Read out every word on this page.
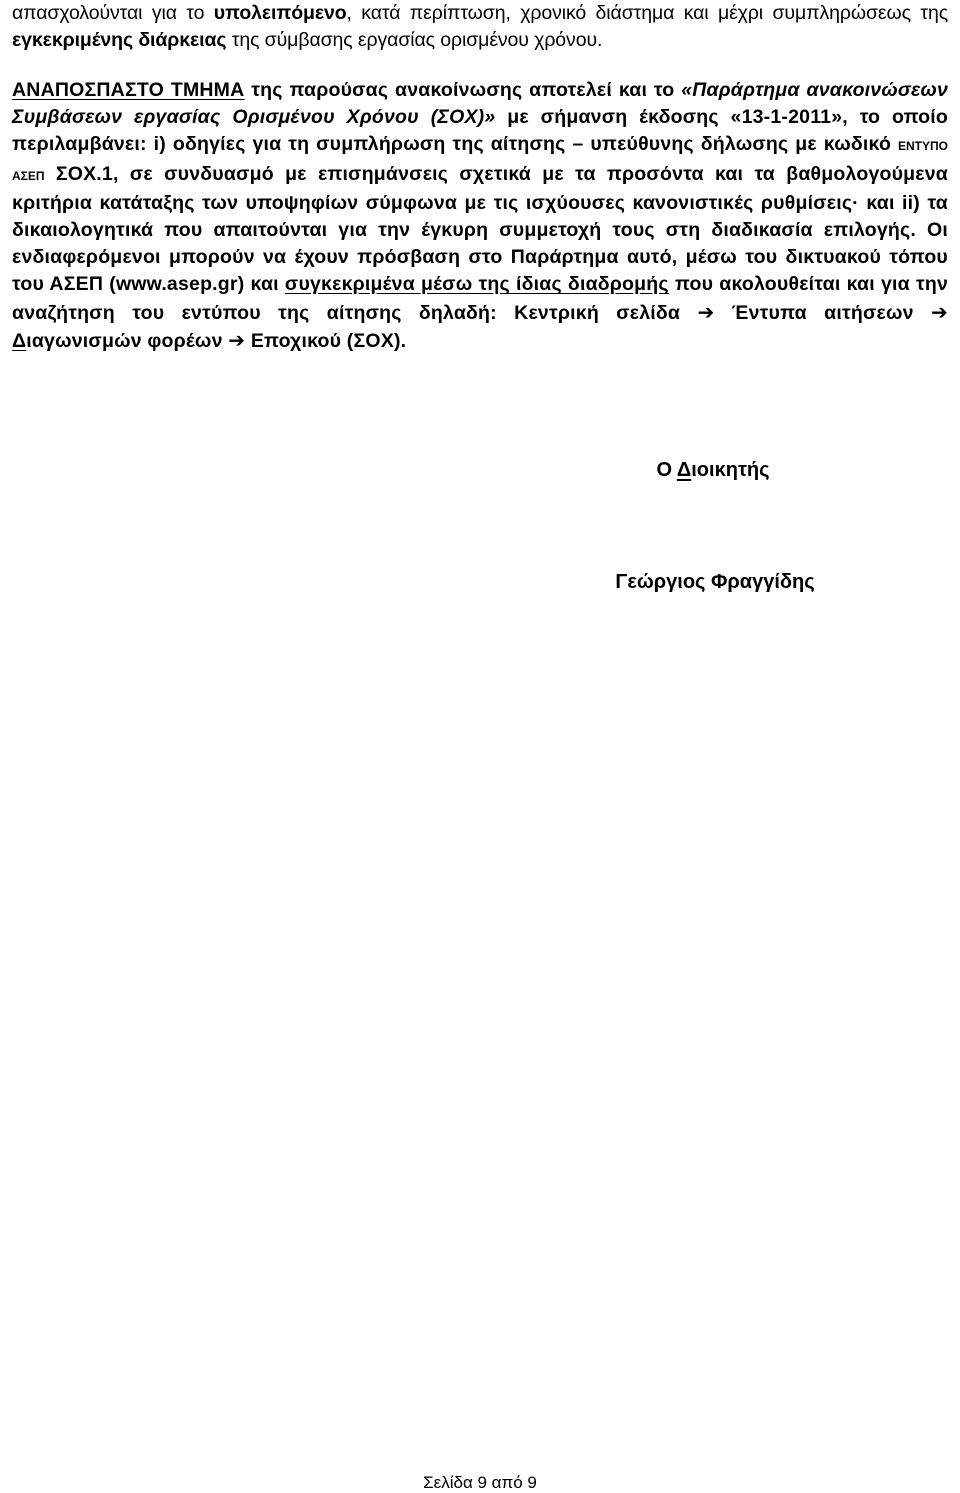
απασχολούνται για το υπολειπόμενο, κατά περίπτωση, χρονικό διάστημα και μέχρι συμπληρώσεως της εγκεκριμένης διάρκειας της σύμβασης εργασίας ορισμένου χρόνου.

ΑΝΑΠΟΣΠΑΣΤΟ ΤΜΗΜΑ της παρούσας ανακοίνωσης αποτελεί και το «Παράρτημα ανακοινώσεων Συμβάσεων εργασίας Ορισμένου Χρόνου (ΣΟΧ)» με σήμανση έκδοσης «13-1-2011», το οποίο περιλαμβάνει: i) οδηγίες για τη συμπλήρωση της αίτησης – υπεύθυνης δήλωσης με κωδικό ΕΝΤΥΠΟ ΑΣΕΠ ΣΟΧ.1, σε συνδυασμό με επισημάνσεις σχετικά με τα προσόντα και τα βαθμολογούμενα κριτήρια κατάταξης των υποψηφίων σύμφωνα με τις ισχύουσες κανονιστικές ρυθμίσεις· και ii) τα δικαιολογητικά που απαιτούνται για την έγκυρη συμμετοχή τους στη διαδικασία επιλογής. Οι ενδιαφερόμενοι μπορούν να έχουν πρόσβαση στο Παράρτημα αυτό, μέσω του δικτυακού τόπου του ΑΣΕΠ (www.asep.gr) και συγκεκριμένα μέσω της ίδιας διαδρομής που ακολουθείται και για την αναζήτηση του εντύπου της αίτησης δηλαδή: Κεντρική σελίδα ➔ Έντυπα αιτήσεων ➔ Διαγωνισμών φορέων ➔ Εποχικού (ΣΟΧ).

Ο Διοικητής
Γεώργιος Φραγγίδης
Σελίδα 9 από 9
